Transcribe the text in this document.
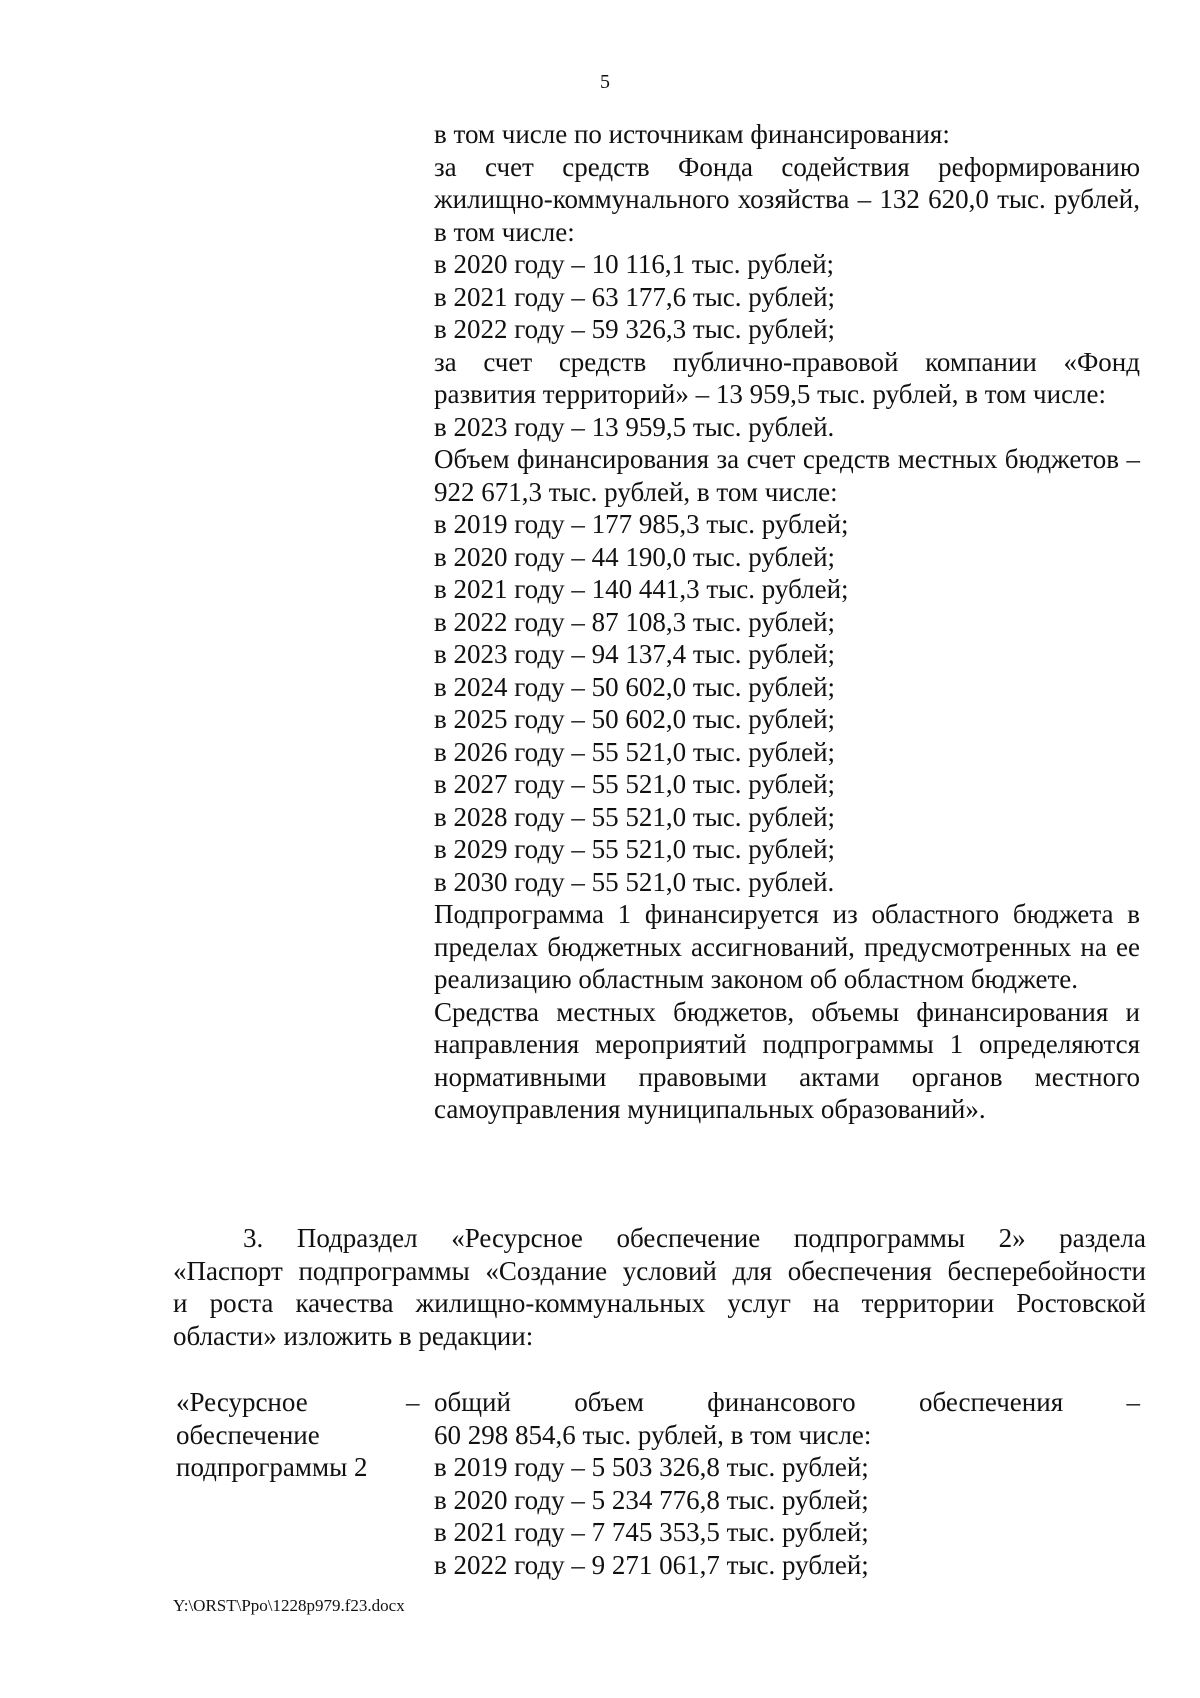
5

в том числе по источникам финансирования:

за счет средств Фонда содействия реформированию жилищно-коммунального хозяйства – 132 620,0 тыс. рублей, в том числе:

в 2020 году – 10 116,1 тыс. рублей;

в 2021 году – 63 177,6 тыс. рублей;

в 2022 году – 59 326,3 тыс. рублей;

за счет средств публично-правовой компании «Фонд развития территорий» – 13 959,5 тыс. рублей, в том числе:

в 2023 году – 13 959,5 тыс. рублей.

Объем финансирования за счет средств местных бюджетов – 922 671,3 тыс. рублей, в том числе:

в 2019 году – 177 985,3 тыс. рублей;

в 2020 году – 44 190,0 тыс. рублей;

в 2021 году – 140 441,3 тыс. рублей;

в 2022 году – 87 108,3 тыс. рублей;

в 2023 году – 94 137,4 тыс. рублей;

в 2024 году – 50 602,0 тыс. рублей;

в 2025 году – 50 602,0 тыс. рублей;

в 2026 году – 55 521,0 тыс. рублей;

в 2027 году – 55 521,0 тыс. рублей;

в 2028 году – 55 521,0 тыс. рублей;

в 2029 году – 55 521,0 тыс. рублей;

в 2030 году – 55 521,0 тыс. рублей.

Подпрограмма 1 финансируется из областного бюджета в пределах бюджетных ассигнований, предусмотренных на ее реализацию областным законом об областном бюджете.

Средства местных бюджетов, объемы финансирования и направления мероприятий подпрограммы 1 определяются нормативными правовыми актами органов местного самоуправления муниципальных образований».

3. Подраздел «Ресурсное обеспечение подпрограммы 2» раздела
«Паспорт подпрограммы «Создание условий для обеспечения бесперебойности
и роста качества жилищно-коммунальных услуг на территории Ростовской
области» изложить в редакции:

«Ресурсное
обеспечение
подпрограммы 2
– общий объем финансового обеспечения –

60 298 854,6 тыс. рублей, в том числе:

в 2019 году – 5 503 326,8 тыс. рублей;

в 2020 году – 5 234 776,8 тыс. рублей;

в 2021 году – 7 745 353,5 тыс. рублей;

в 2022 году – 9 271 061,7 тыс. рублей;

Y:\ORST\Ppo\1228p979.f23.docx
